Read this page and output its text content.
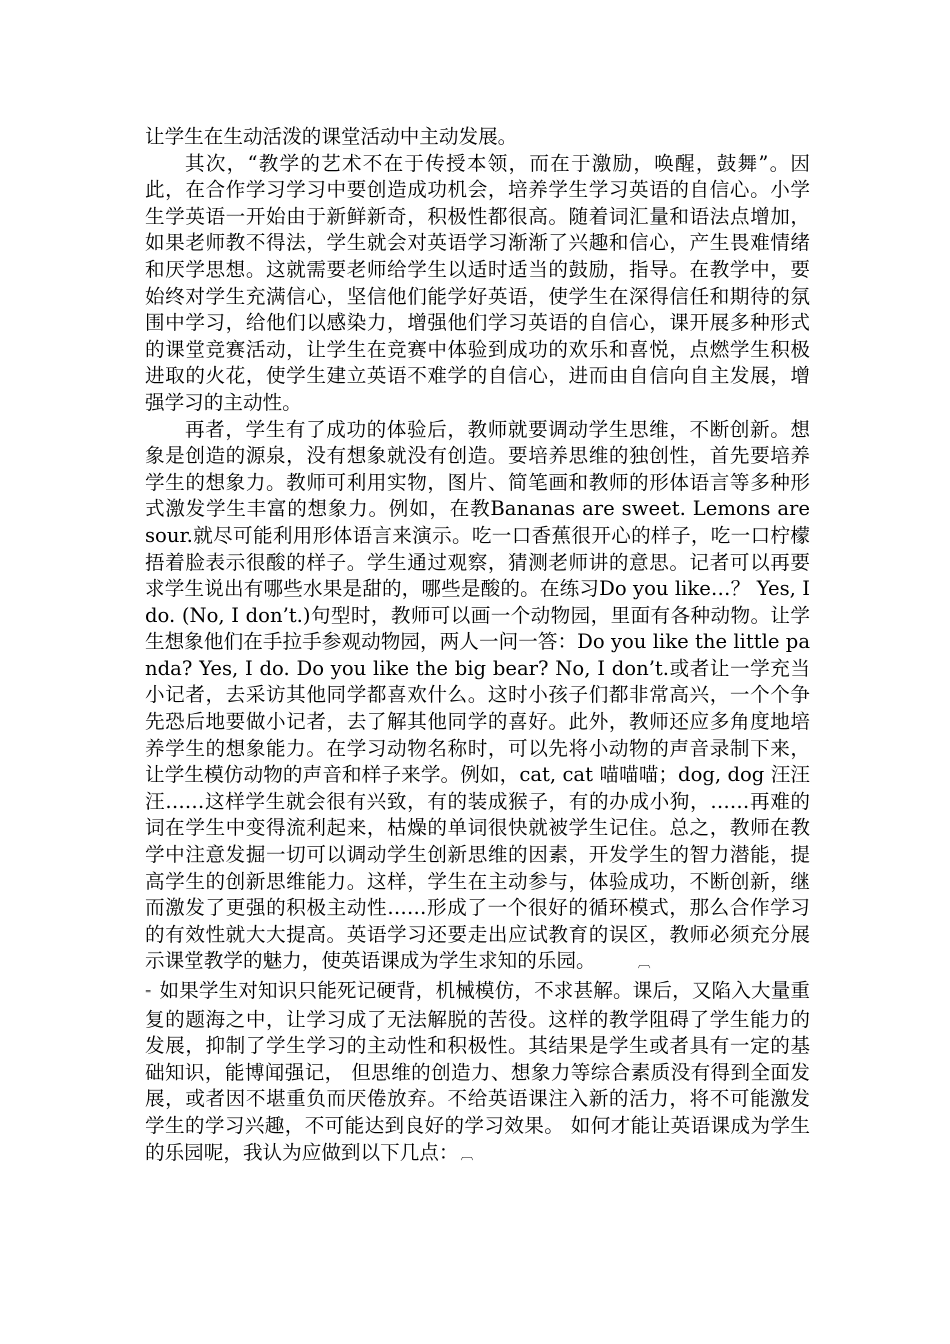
让学生在生动活泼的课堂活动中主动发展。

其次，“教学的艺术不在于传授本领，而在于激励，唤醒，鼓舞”。因此，在合作学习学习中要创造成功机会，培养学生学习英语的自信心。小学生学英语一开始由于新鲜新奇，积极性都很高。随着词汇量和语法点增加，如果老师教不得法，学生就会对英语学习渐渐了兴趣和信心，产生畏难情绪和厌学思想。这就需要老师给学生以适时适当的鼓励，指导。在教学中，要始终对学生充满信心，坚信他们能学好英语，使学生在深得信任和期待的氛围中学习，给他们以感染力，增强他们学习英语的自信心，课开展多种形式的课堂竞赛活动，让学生在竞赛中体验到成功的欢乐和喜悦，点燃学生积极进取的火花，使学生建立英语不难学的自信心，进而由自信向自主发展，增强学习的主动性。

再者，学生有了成功的体验后，教师就要调动学生思维，不断创新。想象是创造的源泉，没有想象就没有创造。要培养思维的独创性，首先要培养学生的想象力。教师可利用实物，图片、简笔画和教师的形体语言等多种形式激发学生丰富的想象力。例如，在教Bananas are sweet. Lemons are sour.就尽可能利用形体语言来演示。吃一口香蕉很开心的样子，吃一口柠檬捂着脸表示很酸的样子。学生通过观察，猜测老师讲的意思。记者可以再要求学生说出有哪些水果是甜的，哪些是酸的。在练习Do you like…？ Yes, I do. (No, I don’t.)句型时，教师可以画一个动物园，里面有各种动物。让学生想象他们在手拉手参观动物园，两人一问一答：Do you like the little panda? Yes, I do. Do you like the big bear? No, I don’t.或者让一学充当小记者，去采访其他同学都喜欢什么。这时小孩子们都非常高兴，一个个争先恐后地要做小记者，去了解其他同学的喜好。此外，教师还应多角度地培养学生的想象能力。在学习动物名称时，可以先将小动物的声音录制下来，让学生模仿动物的声音和样子来学。例如，cat, cat 喵喵喵；dog, dog 汪汪汪……这样学生就会很有兴致，有的装成猴子，有的办成小狗，……再难的词在学生中变得流利起来，枯燥的单词很快就被学生记住。总之，教师在教学中注意发掘一切可以调动学生创新思维的因素，开发学生的智力潜能，提高学生的创新思维能力。这样，学生在主动参与，体验成功，不断创新，继而激发了更强的积极主动性……形成了一个很好的循环模式，那么合作学习的有效性就大大提高。英语学习还要走出应试教育的误区，教师必须充分展示课堂教学的魅力，使英语课成为学生求知的乐园。	︹

⁼ 如果学生对知识只能死记硬背，机械模仿，不求甚解。课后，又陷入大量重复的题海之中，让学习成了无法解脱的苦役。这样的教学阻碍了学生能力的发展，抑制了学生学习的主动性和积极性。其结果是学生或者具有一定的基础知识，能博闻强记， 但思维的创造力、想象力等综合素质没有得到全面发展，或者因不堪重负而厌倦放弃。不给英语课注入新的活力，将不可能激发学生的学习兴趣，不可能达到良好的学习效果。 如何才能让英语课成为学生的乐园呢，我认为应做到以下几点： ︹
